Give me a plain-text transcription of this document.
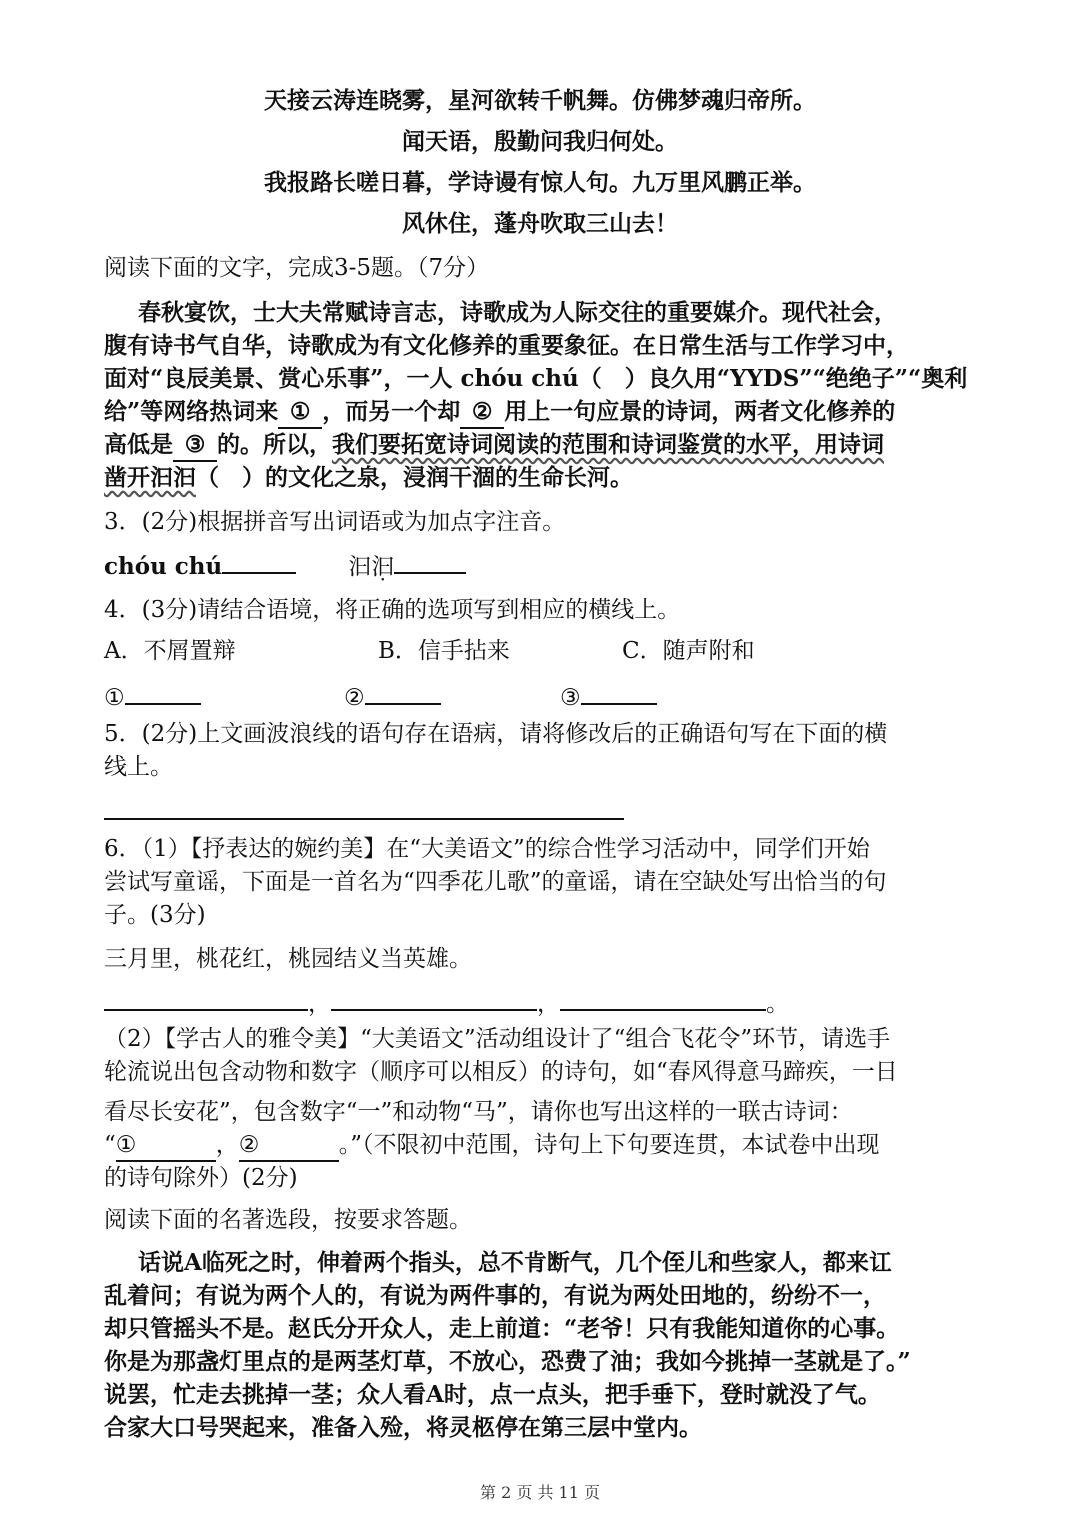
天接云涛连晓雾，星河欲转千帆舞。仿佛梦魂归帝所。
闻天语，殷勤问我归何处。
我报路长嗟日暮，学诗谩有惊人句。九万里风鹏正举。
风休住，蓬舟吹取三山去！
阅读下面的文字，完成3-5题。（7分）
春秋宴饮，士大夫常赋诗言志，诗歌成为人际交往的重要媒介。现代社会，
腹有诗书气自华，诗歌成为有文化修养的重要象征。在日常生活与工作学习中，
面对“良辰美景、赏心乐事”，一人 chóu chú（　）良久用“YYDS”“绝绝子”“奥利
给”等网络热词来 ① ，而另一个却 ② 用上一句应景的诗词，两者文化修养的
高低是 ③ 的。所以，我们要拓宽诗词阅读的范围和诗词鉴赏的水平，用诗词
凿开汩汩（　）的文化之泉，浸润干涸的生命长河。
3．(2分)根据拼音写出词语或为加点字注音。
chóu chú	汩汩
4．(3分)请结合语境，将正确的选项写到相应的横线上。
A．不屑置辩	B．信手拈来	C．随声附和
①	②	③
5．(2分)上文画波浪线的语句存在语病，请将修改后的正确语句写在下面的横
线上。
6．（1）【抒表达的婉约美】在“大美语文”的综合性学习活动中，同学们开始
尝试写童谣，下面是一首名为“四季花儿歌”的童谣，请在空缺处写出恰当的句
子。(3分)
三月里，桃花红，桃园结义当英雄。
，	，	。
（2）【学古人的雅令美】“大美语文”活动组设计了“组合飞花令”环节，请选手
轮流说出包含动物和数字（顺序可以相反）的诗句，如“春风得意马蹄疾，一日
看尽长安花”，包含数字“一”和动物“马”，请你也写出这样的一联古诗词：
“①	，②	。”（不限初中范围，诗句上下句要连贯，本试卷中出现
的诗句除外）(2分)
阅读下面的名著选段，按要求答题。
话说A临死之时，伸着两个指头，总不肯断气，几个侄儿和些家人，都来讧
乱着问；有说为两个人的，有说为两件事的，有说为两处田地的，纷纷不一，
却只管摇头不是。赵氏分开众人，走上前道：“老爷！只有我能知道你的心事。
你是为那盏灯里点的是两茎灯草，不放心，恐费了油；我如今挑掉一茎就是了。”
说罢，忙走去挑掉一茎；众人看A时，点一点头，把手垂下，登时就没了气。
合家大口号哭起来，准备入殓，将灵柩停在第三层中堂内。
第 2 页 共 11 页
